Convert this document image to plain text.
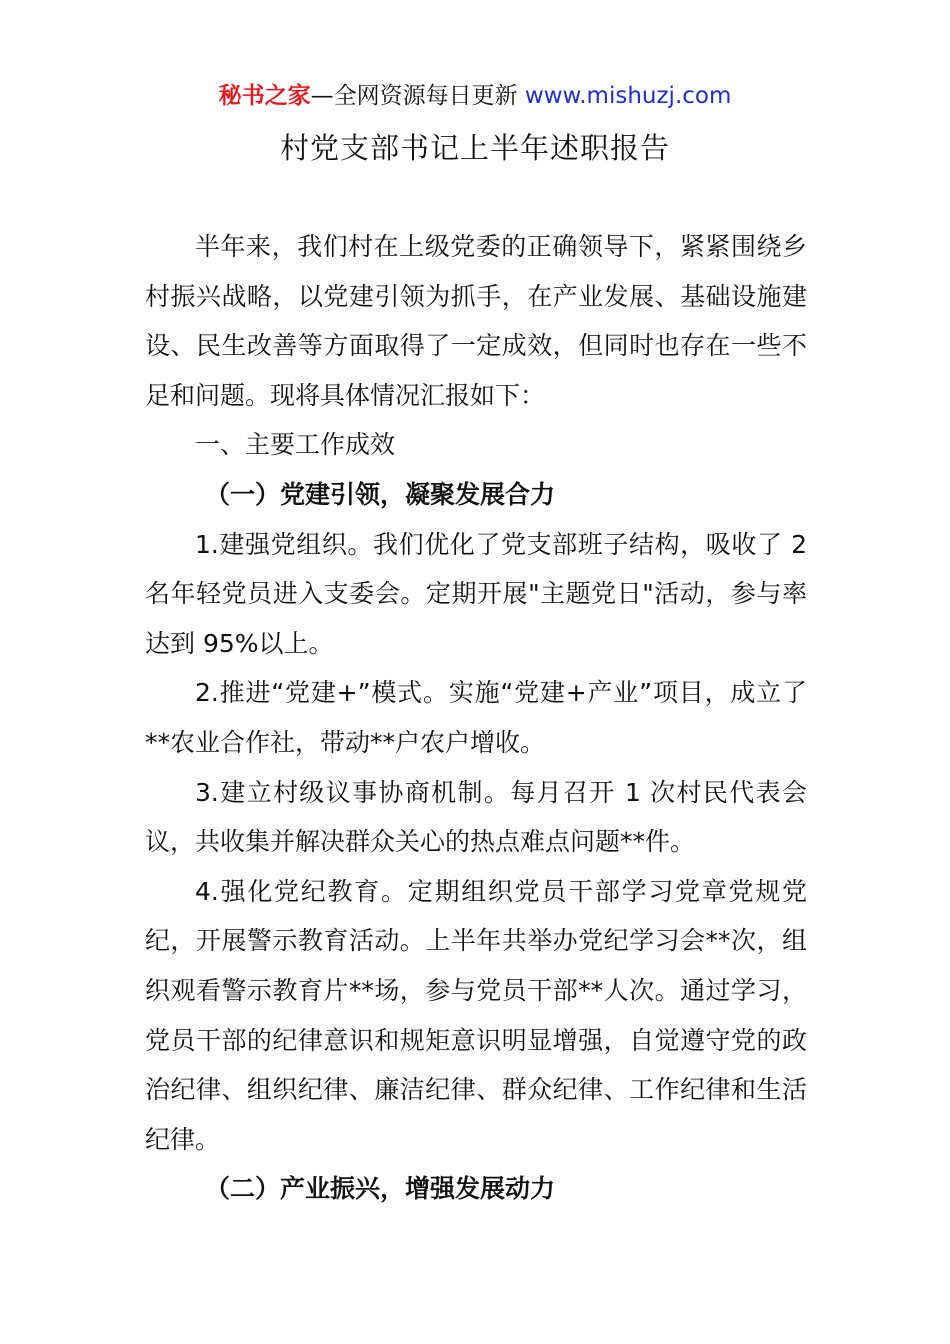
秘书之家—全网资源每日更新 www.mishuzj.com
村党支部书记上半年述职报告

半年来，我们村在上级党委的正确领导下，紧紧围绕乡村振兴战略，以党建引领为抓手，在产业发展、基础设施建设、民生改善等方面取得了一定成效，但同时也存在一些不足和问题。现将具体情况汇报如下：

一、主要工作成效

（一）党建引领，凝聚发展合力

1.建强党组织。我们优化了党支部班子结构，吸收了 2 名年轻党员进入支委会。定期开展"主题党日"活动，参与率达到 95%以上。

2.推进“党建+”模式。实施“党建+产业”项目，成立了**农业合作社，带动**户农户增收。

3.建立村级议事协商机制。每月召开 1 次村民代表会议，共收集并解决群众关心的热点难点问题**件。

4.强化党纪教育。定期组织党员干部学习党章党规党纪，开展警示教育活动。上半年共举办党纪学习会**次，组织观看警示教育片**场，参与党员干部**人次。通过学习，党员干部的纪律意识和规矩意识明显增强，自觉遵守党的政治纪律、组织纪律、廉洁纪律、群众纪律、工作纪律和生活纪律。

（二）产业振兴，增强发展动力
